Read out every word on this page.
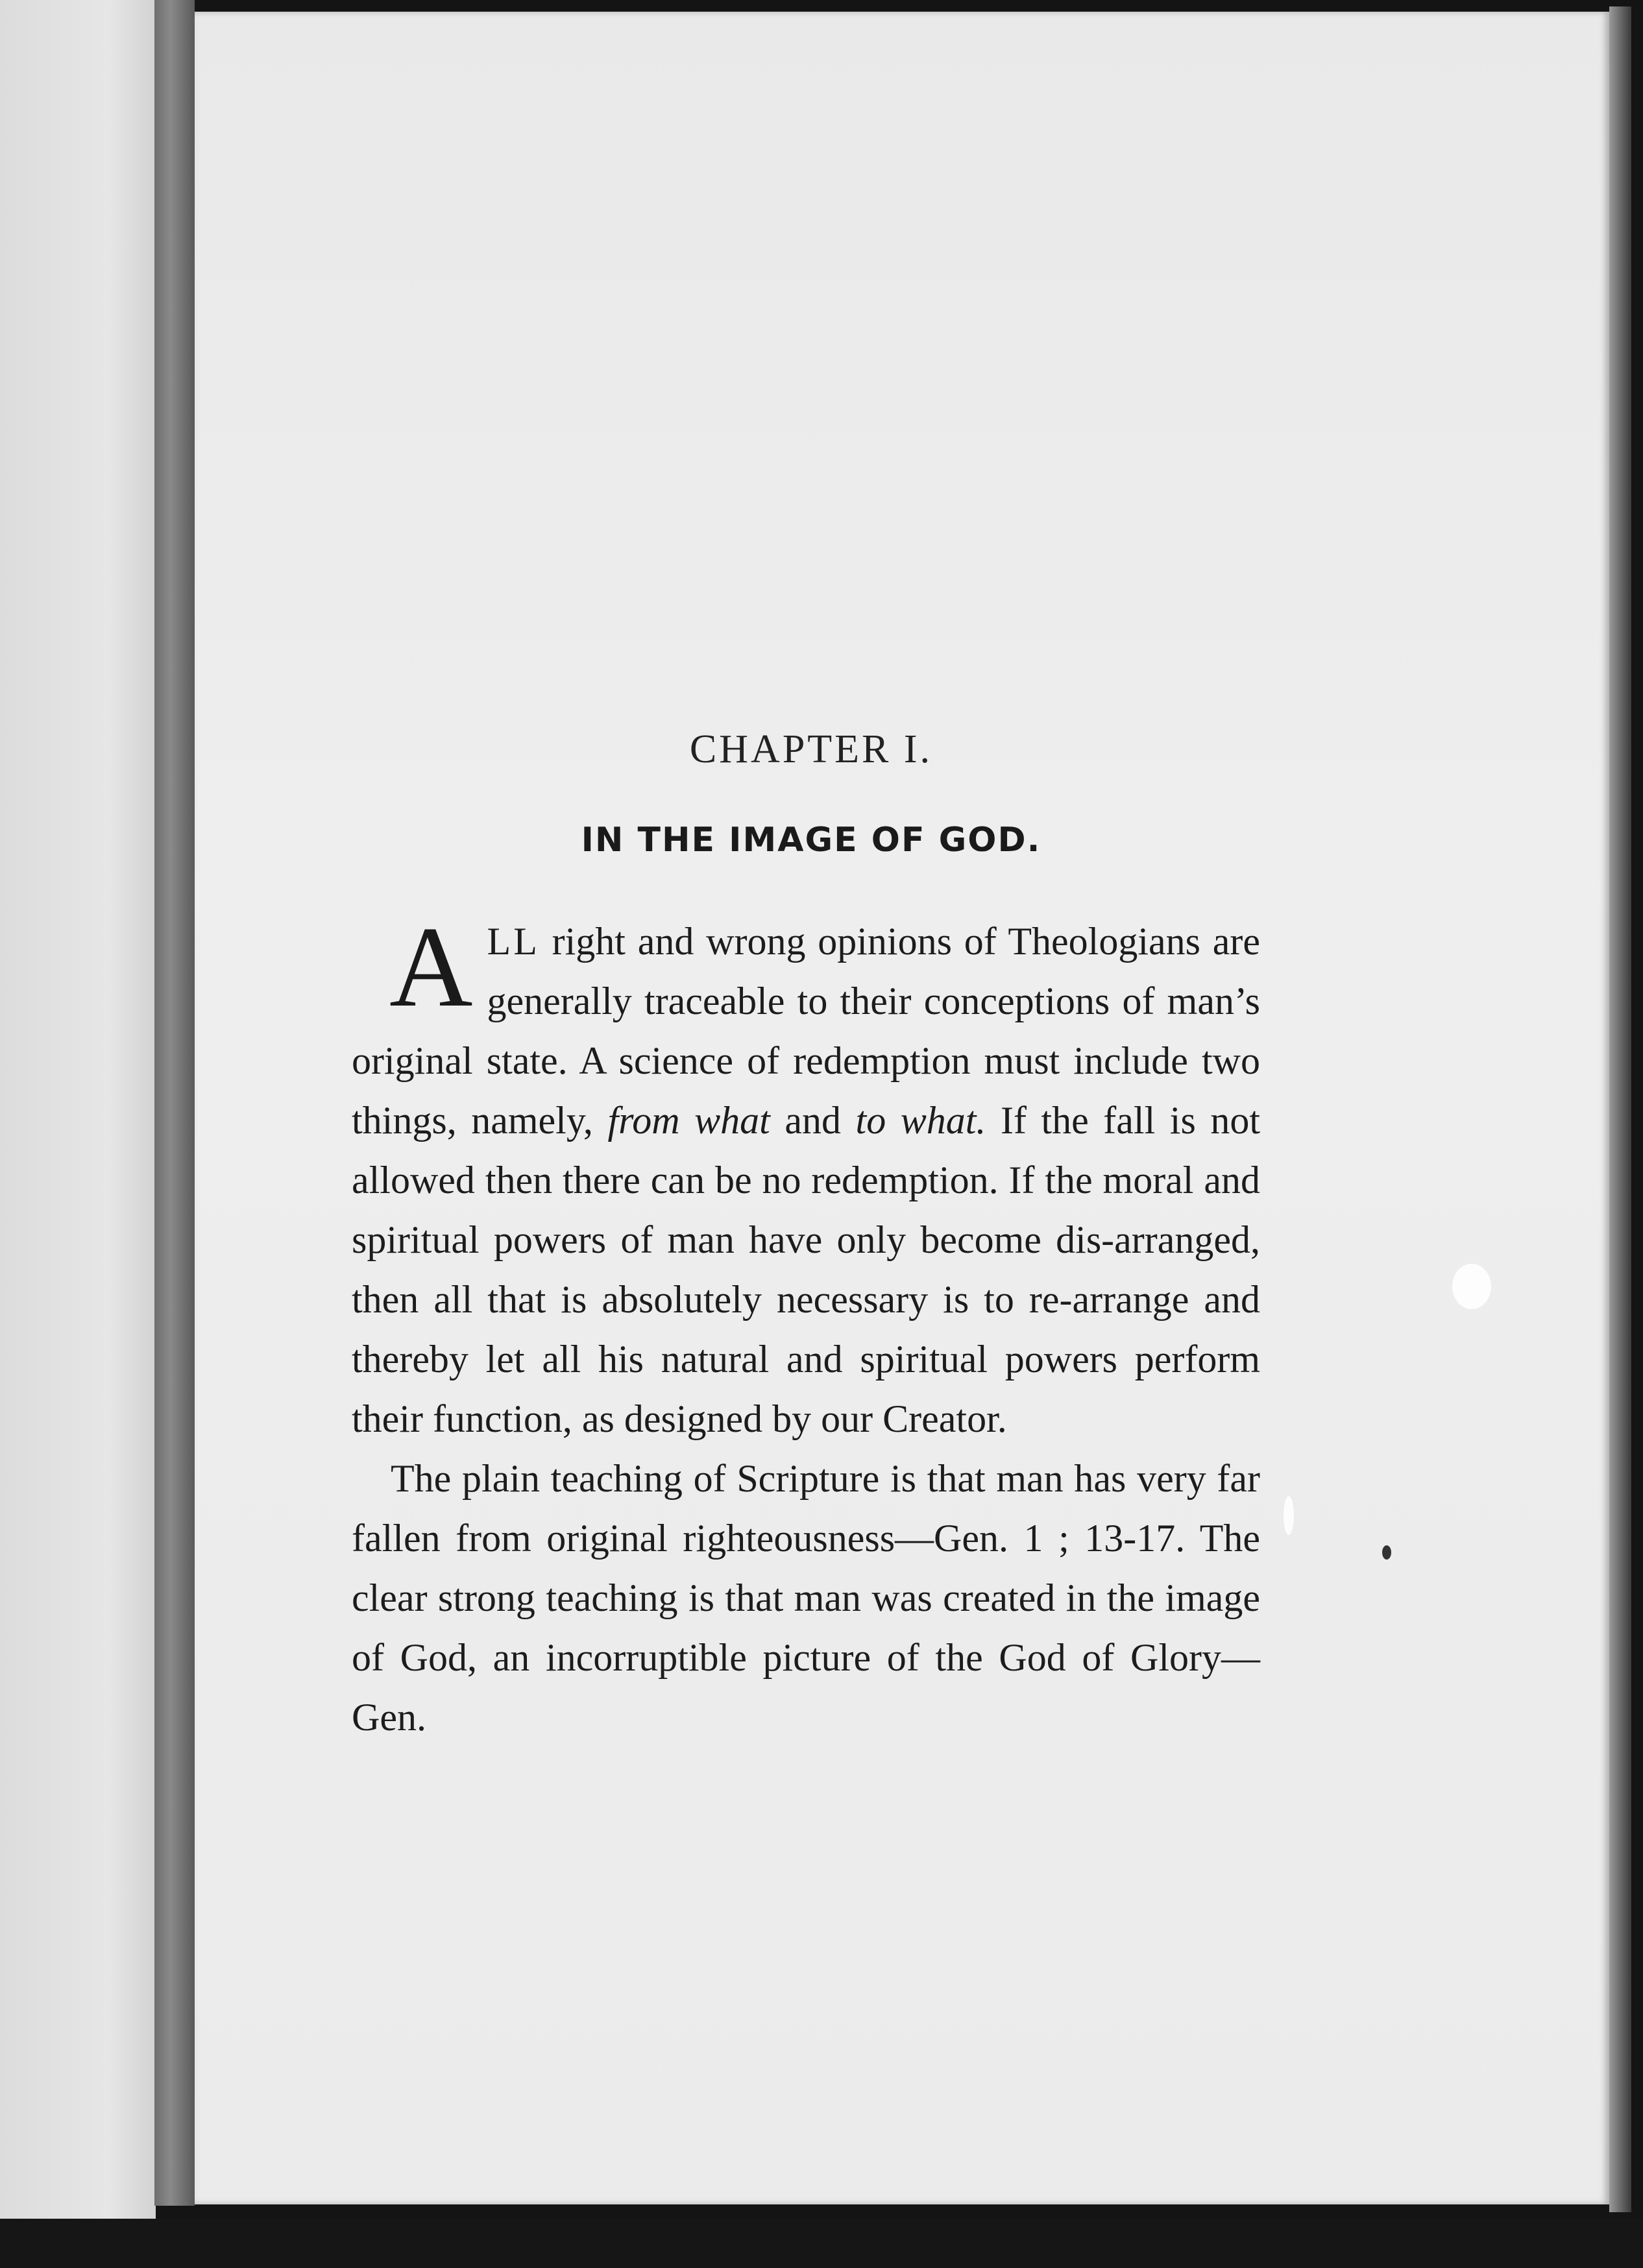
CHAPTER I.
IN THE IMAGE OF GOD.

ALL right and wrong opinions of Theologians are generally traceable to their conceptions of man’s original state. A science of redemption must include two things, namely, from what and to what. If the fall is not allowed then there can be no redemption. If the moral and spiritual powers of man have only become dis-arranged, then all that is absolutely necessary is to re-arrange and thereby let all his natural and spiritual powers perform their function, as designed by our Creator.

The plain teaching of Scripture is that man has very far fallen from original righteousness—Gen. 1 ; 13-17. The clear strong teaching is that man was created in the image of God, an incorruptible picture of the God of Glory—Gen.
